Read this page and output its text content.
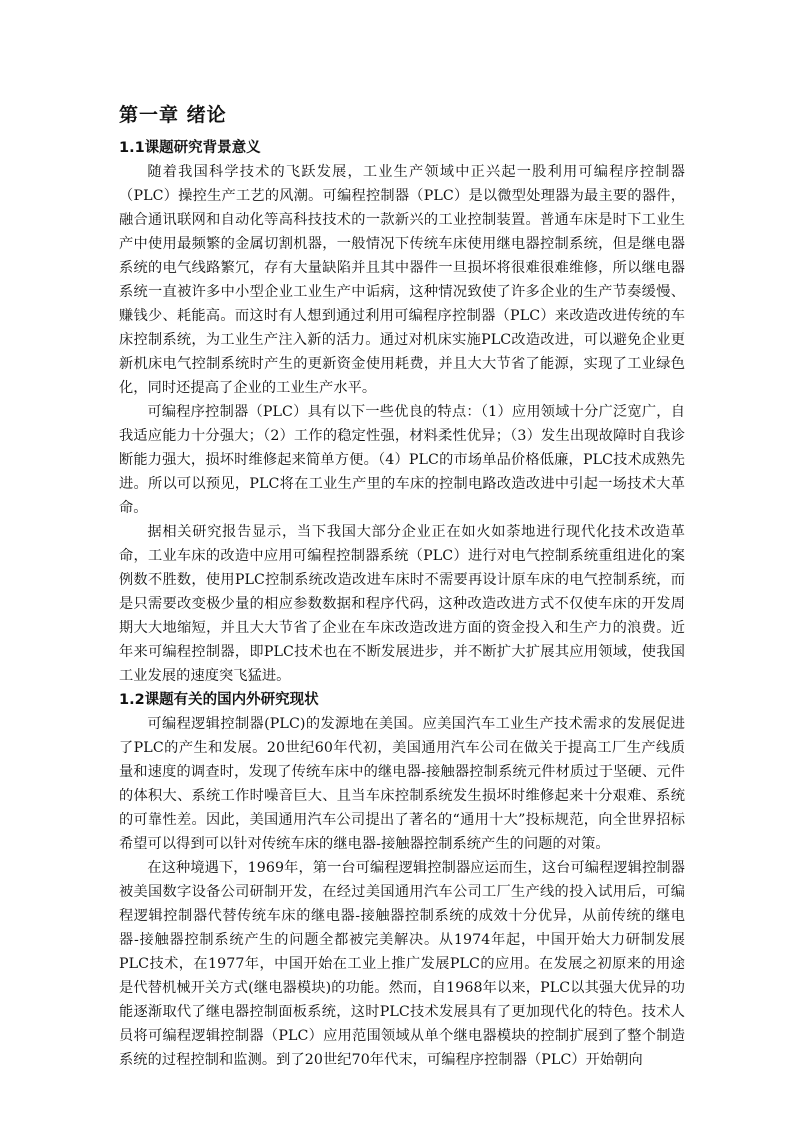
第一章 绪论
1.1课题研究背景意义

随着我国科学技术的飞跃发展，工业生产领域中正兴起一股利用可编程序控制器（PLC）操控生产工艺的风潮。可编程控制器（PLC）是以微型处理器为最主要的器件，融合通讯联网和自动化等高科技技术的一款新兴的工业控制装置。普通车床是时下工业生产中使用最频繁的金属切割机器，一般情况下传统车床使用继电器控制系统，但是继电器系统的电气线路繁冗，存有大量缺陷并且其中器件一旦损坏将很难很难维修，所以继电器系统一直被许多中小型企业工业生产中诟病，这种情况致使了许多企业的生产节奏缓慢、赚钱少、耗能高。而这时有人想到通过利用可编程序控制器（PLC）来改造改进传统的车床控制系统，为工业生产注入新的活力。通过对机床实施PLC改造改进，可以避免企业更新机床电气控制系统时产生的更新资金使用耗费，并且大大节省了能源，实现了工业绿色化，同时还提高了企业的工业生产水平。

可编程序控制器（PLC）具有以下一些优良的特点：（1）应用领域十分广泛宽广，自我适应能力十分强大；（2）工作的稳定性强，材料柔性优异；（3）发生出现故障时自我诊断能力强大，损坏时维修起来简单方便。（4）PLC的市场单品价格低廉，PLC技术成熟先进。所以可以预见，PLC将在工业生产里的车床的控制电路改造改进中引起一场技术大革命。

据相关研究报告显示，当下我国大部分企业正在如火如荼地进行现代化技术改造革命，工业车床的改造中应用可编程控制器系统（PLC）进行对电气控制系统重组进化的案例数不胜数，使用PLC控制系统改造改进车床时不需要再设计原车床的电气控制系统，而是只需要改变极少量的相应参数数据和程序代码，这种改造改进方式不仅使车床的开发周期大大地缩短，并且大大节省了企业在车床改造改进方面的资金投入和生产力的浪费。近年来可编程控制器，即PLC技术也在不断发展进步，并不断扩大扩展其应用领域，使我国工业发展的速度突飞猛进。

1.2课题有关的国内外研究现状

可编程逻辑控制器(PLC)的发源地在美国。应美国汽车工业生产技术需求的发展促进了PLC的产生和发展。20世纪60年代初，美国通用汽车公司在做关于提高工厂生产线质量和速度的调查时，发现了传统车床中的继电器-接触器控制系统元件材质过于坚硬、元件的体积大、系统工作时噪音巨大、且当车床控制系统发生损坏时维修起来十分艰难、系统的可靠性差。因此，美国通用汽车公司提出了著名的“通用十大”投标规范，向全世界招标希望可以得到可以针对传统车床的继电器-接触器控制系统产生的问题的对策。

在这种境遇下，1969年，第一台可编程逻辑控制器应运而生，这台可编程逻辑控制器被美国数字设备公司研制开发，在经过美国通用汽车公司工厂生产线的投入试用后，可编程逻辑控制器代替传统车床的继电器-接触器控制系统的成效十分优异，从前传统的继电器-接触器控制系统产生的问题全都被完美解决。从1974年起，中国开始大力研制发展PLC技术，在1977年，中国开始在工业上推广发展PLC的应用。在发展之初原来的用途是代替机械开关方式(继电器模块)的功能。然而，自1968年以来，PLC以其强大优异的功能逐渐取代了继电器控制面板系统，这时PLC技术发展具有了更加现代化的特色。技术人员将可编程逻辑控制器（PLC）应用范围领域从单个继电器模块的控制扩展到了整个制造系统的过程控制和监测。到了20世纪70年代末，可编程序控制器（PLC）开始朝向
